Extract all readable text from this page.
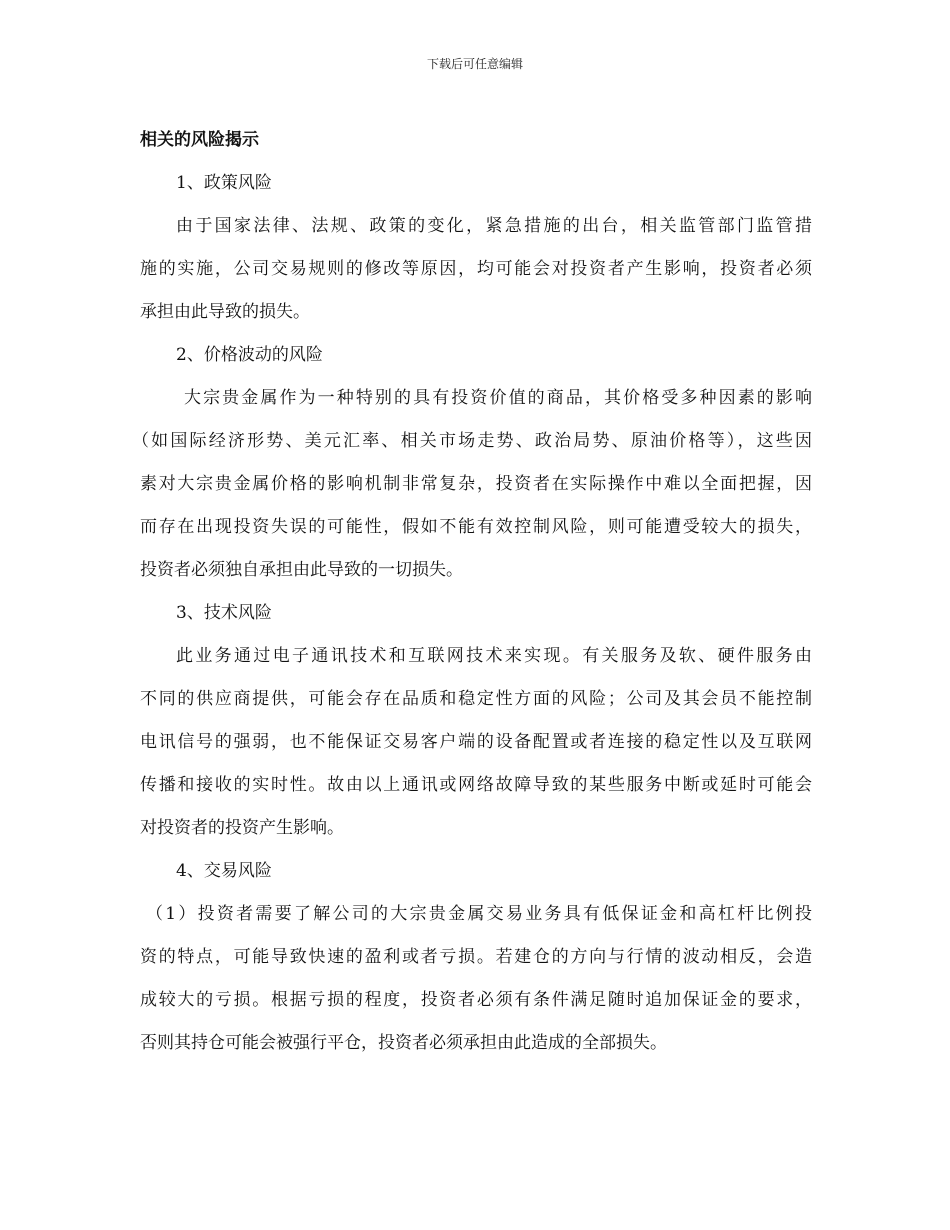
下载后可任意编辑
相关的风险揭示
1、政策风险
由于国家法律、法规、政策的变化，紧急措施的出台，相关监管部门监管措
施的实施，公司交易规则的修改等原因，均可能会对投资者产生影响，投资者必须
承担由此导致的损失。
2、价格波动的风险
大宗贵金属作为一种特别的具有投资价值的商品，其价格受多种因素的影响
（如国际经济形势、美元汇率、相关市场走势、政治局势、原油价格等），这些因
素对大宗贵金属价格的影响机制非常复杂，投资者在实际操作中难以全面把握，因
而存在出现投资失误的可能性，假如不能有效控制风险，则可能遭受较大的损失，
投资者必须独自承担由此导致的一切损失。
3、技术风险
此业务通过电子通讯技术和互联网技术来实现。有关服务及软、硬件服务由
不同的供应商提供，可能会存在品质和稳定性方面的风险；公司及其会员不能控制
电讯信号的强弱，也不能保证交易客户端的设备配置或者连接的稳定性以及互联网
传播和接收的实时性。故由以上通讯或网络故障导致的某些服务中断或延时可能会
对投资者的投资产生影响。
4、交易风险
（1）投资者需要了解公司的大宗贵金属交易业务具有低保证金和高杠杆比例投
资的特点，可能导致快速的盈利或者亏损。若建仓的方向与行情的波动相反，会造
成较大的亏损。根据亏损的程度，投资者必须有条件满足随时追加保证金的要求，
否则其持仓可能会被强行平仓，投资者必须承担由此造成的全部损失。
